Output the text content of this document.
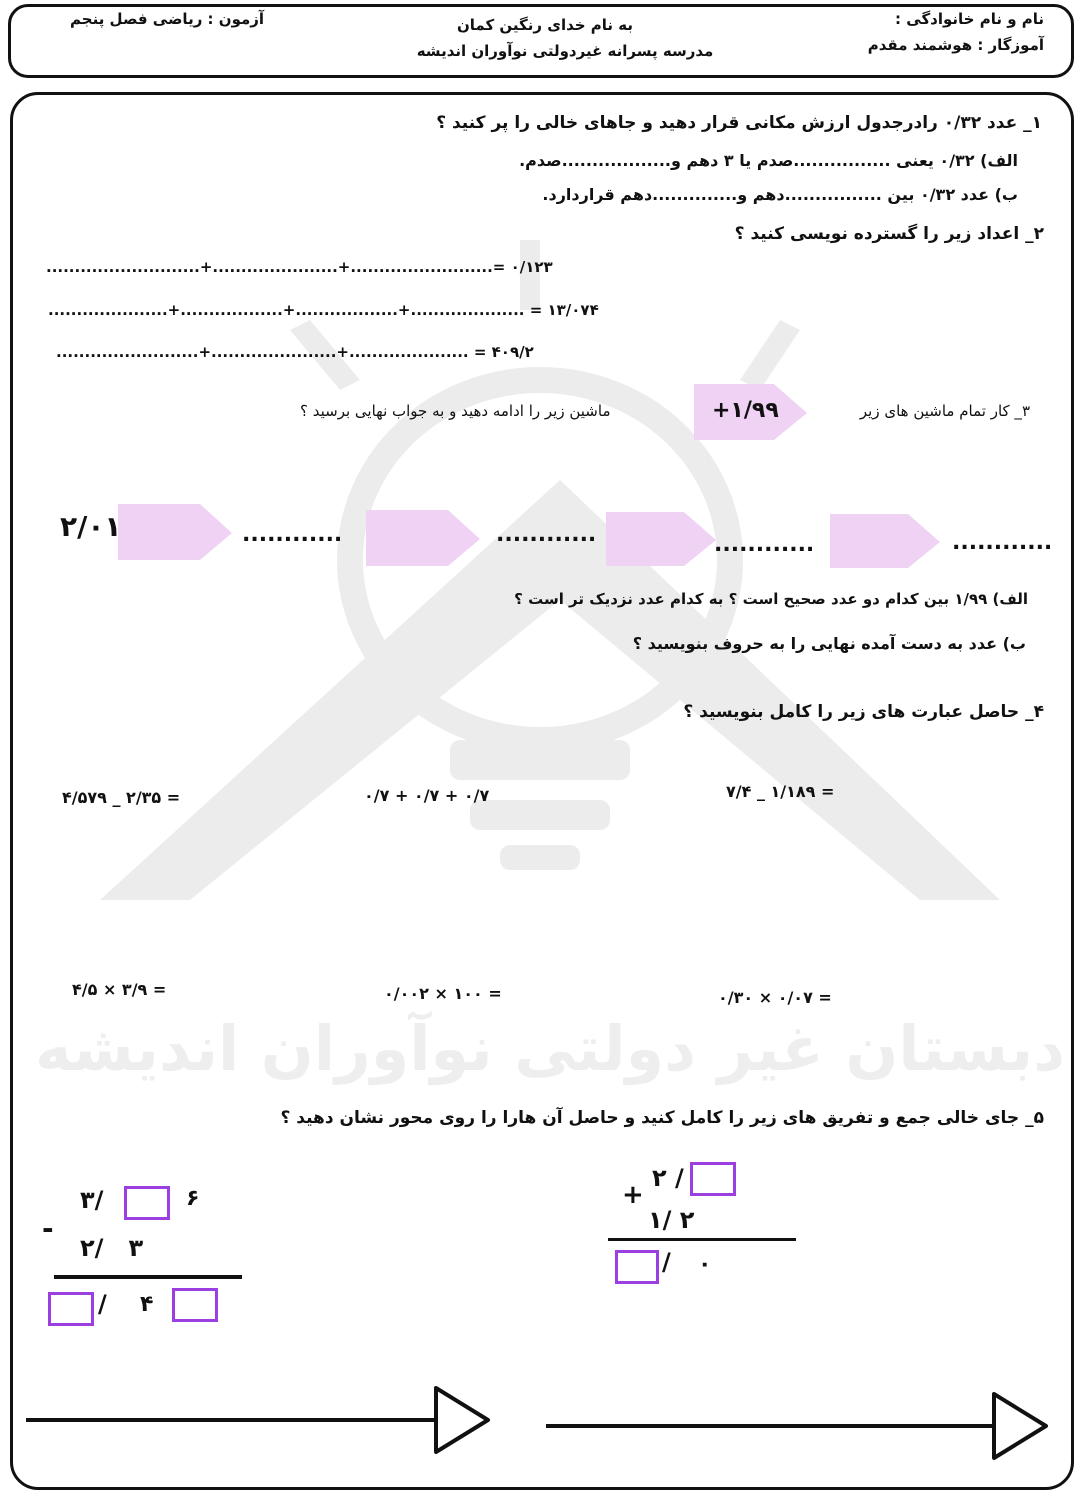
دبستان غیر دولتی نوآوران اندیشه
به نام خدای رنگین کمان
مدرسه پسرانه غیردولتی نوآوران اندیشه
نام و نام خانوادگی :
آموزگار : هوشمند مقدم
آزمون : ریاضی فصل پنجم
۱_ عدد ۰/۳۲ رادرجدول ارزش مکانی قرار دهید و جاهای خالی را پر کنید ؟
الف) ۰/۳۲ یعنی ................صدم یا ۳ دهم و..................صدم.
ب) عدد ۰/۳۲ بین ................دهم و..............دهم قراردارد.
۲_ اعداد زیر را گسترده نویسی کنید ؟
۰/۱۲۳ =.........................+......................+...........................
۱۳/۰۷۴ = ....................+..................+..................+.....................
۴۰۹/۲ = .....................+......................+.........................
۳_ کار تمام ماشین های زیر
+۱/۹۹
ماشین زیر را ادامه دهید و به جواب نهایی برسید ؟
............
............
............
............
۲/۰۱
الف) ۱/۹۹ بین کدام دو عدد صحیح است ؟ به کدام عدد نزدیک تر است ؟
ب) عدد به دست آمده نهایی را به حروف بنویسید ؟
۴_ حاصل عبارت های زیر را کامل بنویسید ؟
۷/۴ _ ۱/۱۸۹ =
۰/۷ + ۰/۷ + ۰/۷
۴/۵۷۹ _ ۲/۳۵ =
۰/۳۰ × ۰/۰۷ =
۰/۰۰۲ × ۱۰۰ =
۴/۵ × ۳/۹ =
۵_ جای خالی جمع و تفریق های زیر را کامل کنید و حاصل آن هارا را روی محور نشان دهید ؟
+
۲ /
۱/ ۲
/ ۰
۳/	۶
-
۲/   ۳
/ ۴
